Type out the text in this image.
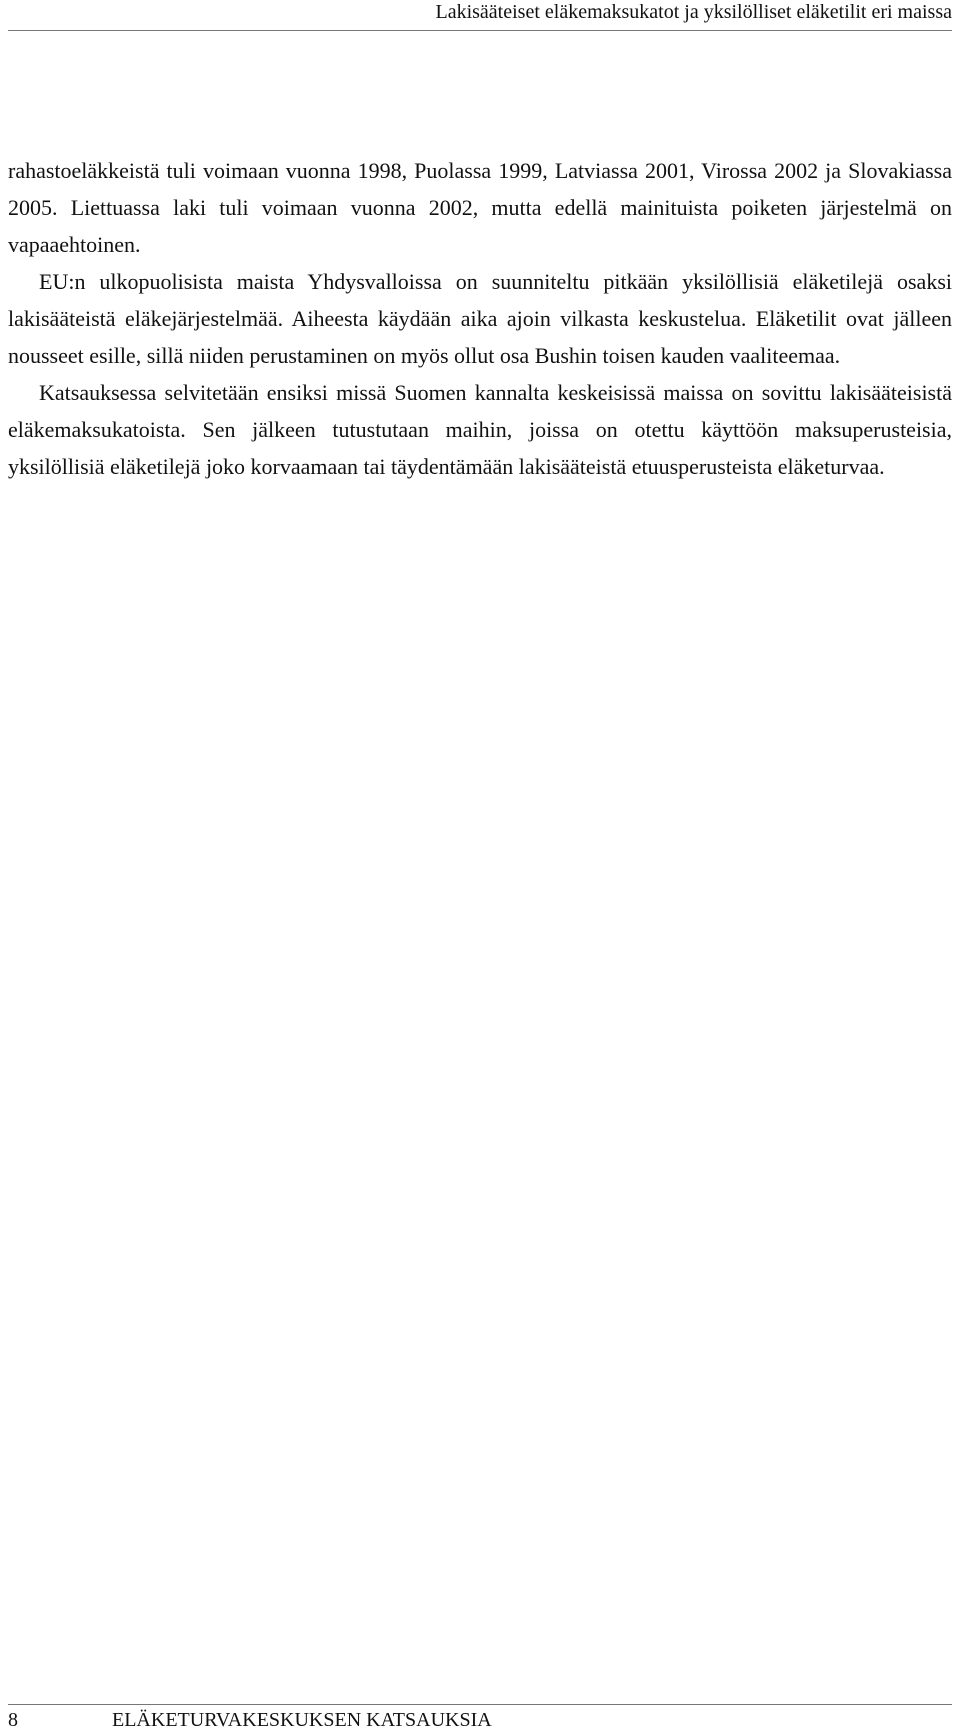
Lakisääteiset eläkemaksukatot ja yksilölliset eläketilit eri maissa

rahastoeläkkeistä tuli voimaan vuonna 1998, Puolassa 1999, Latviassa 2001, Virossa 2002 ja Slovakiassa 2005. Liettuassa laki tuli voimaan vuonna 2002, mutta edellä mainituista poiketen järjestelmä on vapaaehtoinen.

EU:n ulkopuolisista maista Yhdysvalloissa on suunniteltu pitkään yksilöllisiä eläketilejä osaksi lakisääteistä eläkejärjestelmää. Aiheesta käydään aika ajoin vilkasta keskustelua. Eläketilit ovat jälleen nousseet esille, sillä niiden perustaminen on myös ollut osa Bushin toisen kauden vaaliteemaa.

Katsauksessa selvitetään ensiksi missä Suomen kannalta keskeisissä maissa on sovittu lakisääteisistä eläkemaksukatoista. Sen jälkeen tutustutaan maihin, joissa on otettu käyttöön maksuperusteisia, yksilöllisiä eläketilejä joko korvaamaan tai täydentämään lakisääteistä etuusperusteista eläketurvaa.

8	ELÄKETURVAKESKUKSEN KATSAUKSIA
